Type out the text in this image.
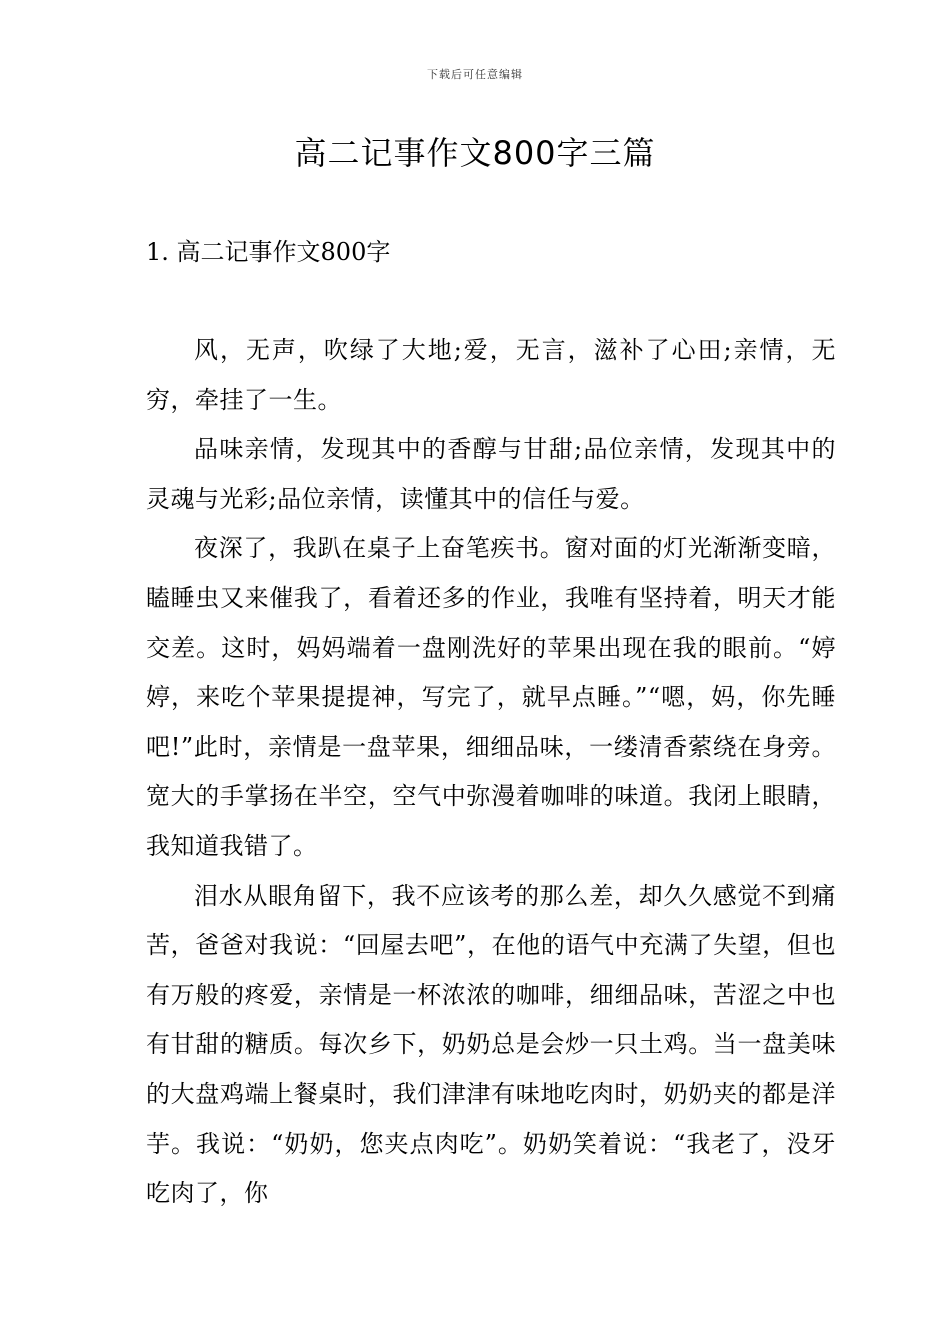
下载后可任意编辑
高二记事作文800字三篇
1. 高二记事作文800字

风，无声，吹绿了大地;爱，无言，滋补了心田;亲情，无穷，牵挂了一生。

品味亲情，发现其中的香醇与甘甜;品位亲情，发现其中的灵魂与光彩;品位亲情，读懂其中的信任与爱。

夜深了，我趴在桌子上奋笔疾书。窗对面的灯光渐渐变暗，瞌睡虫又来催我了，看着还多的作业，我唯有坚持着，明天才能交差。这时，妈妈端着一盘刚洗好的苹果出现在我的眼前。“婷婷，来吃个苹果提提神，写完了，就早点睡。”“嗯，妈，你先睡吧!”此时，亲情是一盘苹果，细细品味，一缕清香萦绕在身旁。宽大的手掌扬在半空，空气中弥漫着咖啡的味道。我闭上眼睛，我知道我错了。

泪水从眼角留下，我不应该考的那么差，却久久感觉不到痛苦，爸爸对我说：“回屋去吧”，在他的语气中充满了失望，但也有万般的疼爱，亲情是一杯浓浓的咖啡，细细品味，苦涩之中也有甘甜的糖质。每次乡下，奶奶总是会炒一只土鸡。当一盘美味的大盘鸡端上餐桌时，我们津津有味地吃肉时，奶奶夹的都是洋芋。我说：“奶奶，您夹点肉吃”。奶奶笑着说：“我老了，没牙吃肉了，你
